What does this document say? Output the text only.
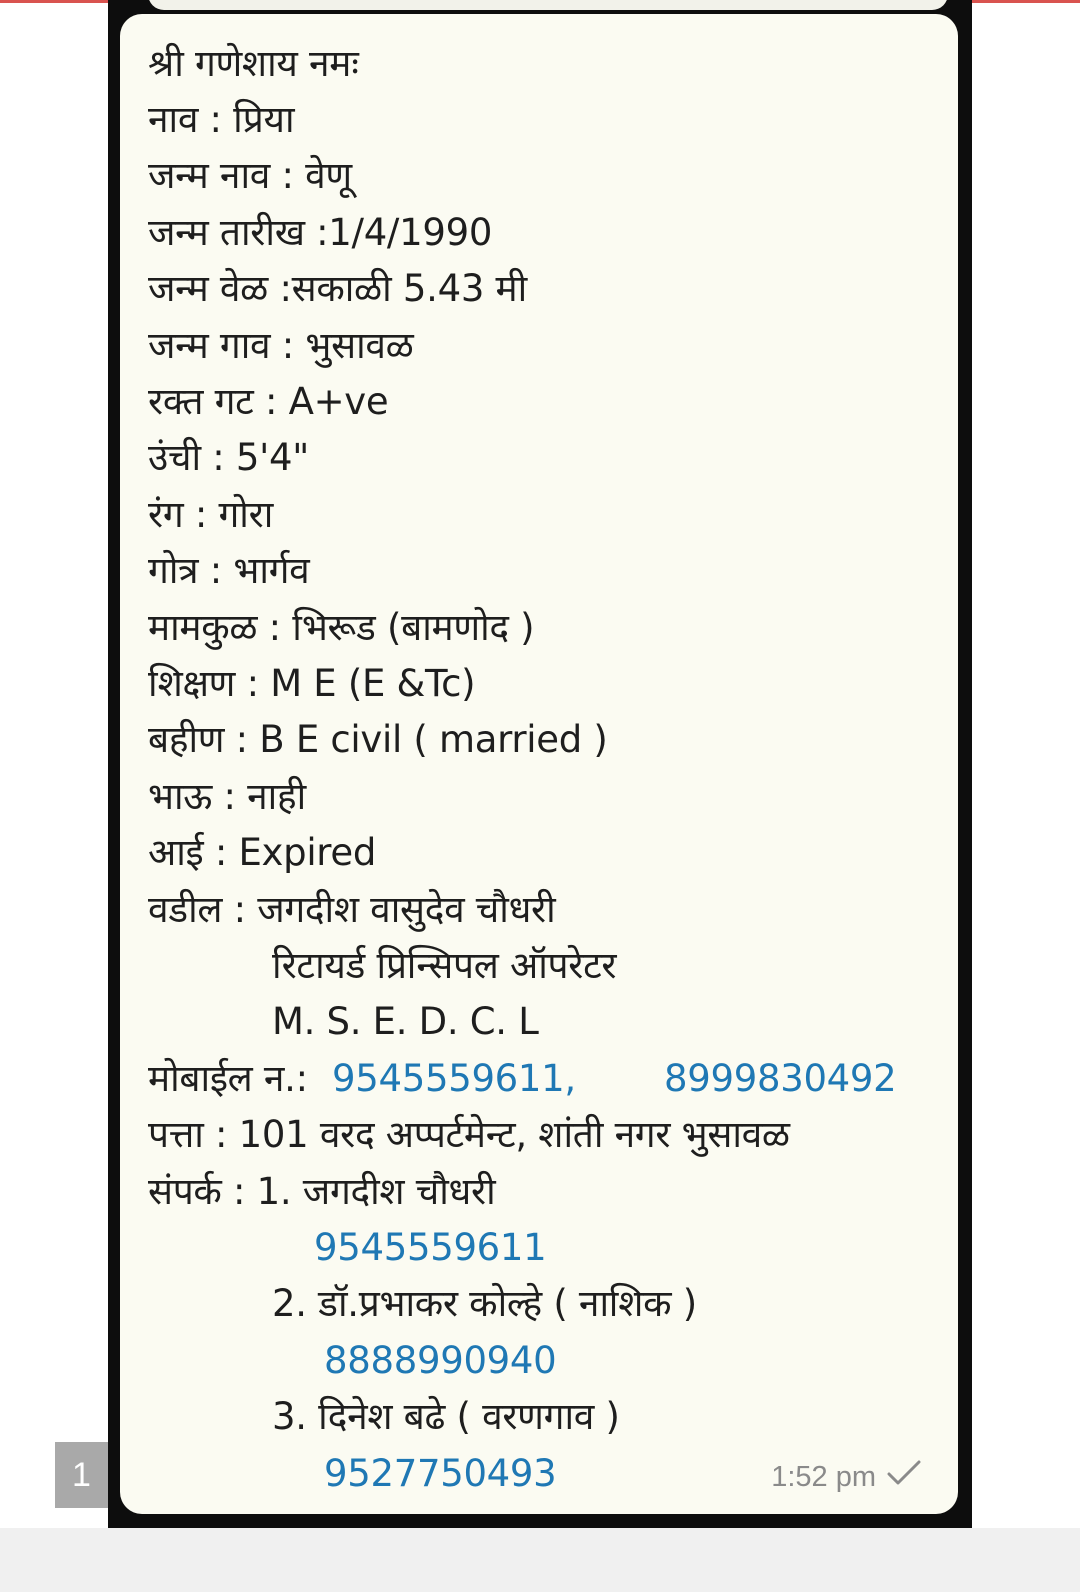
श्री गणेशाय नमः
नाव : प्रिया
जन्म नाव : वेणू
जन्म तारीख :1/4/1990
जन्म वेळ :सकाळी 5.43 मी
जन्म गाव : भुसावळ
रक्त गट : A+ve
उंची : 5'4"
रंग : गोरा
गोत्र : भार्गव
मामकुळ : भिरूड (बामणोद )
शिक्षण : M E (E &Tc)
बहीण : B E civil ( married )
भाऊ : नाही
आई : Expired
वडील : जगदीश वासुदेव चौधरी
रिटायर्ड प्रिन्सिपल ऑपरेटर
M. S. E. D. C. L
मोबाईल न.: 9545559611, 8999830492
पत्ता : 101 वरद अप्पर्टमेन्ट, शांती नगर भुसावळ
संपर्क : 1. जगदीश चौधरी
9545559611
2. डॉ.प्रभाकर कोल्हे ( नाशिक )
8888990940
3. दिनेश बढे ( वरणगाव )
9527750493	1:52 pm
1
